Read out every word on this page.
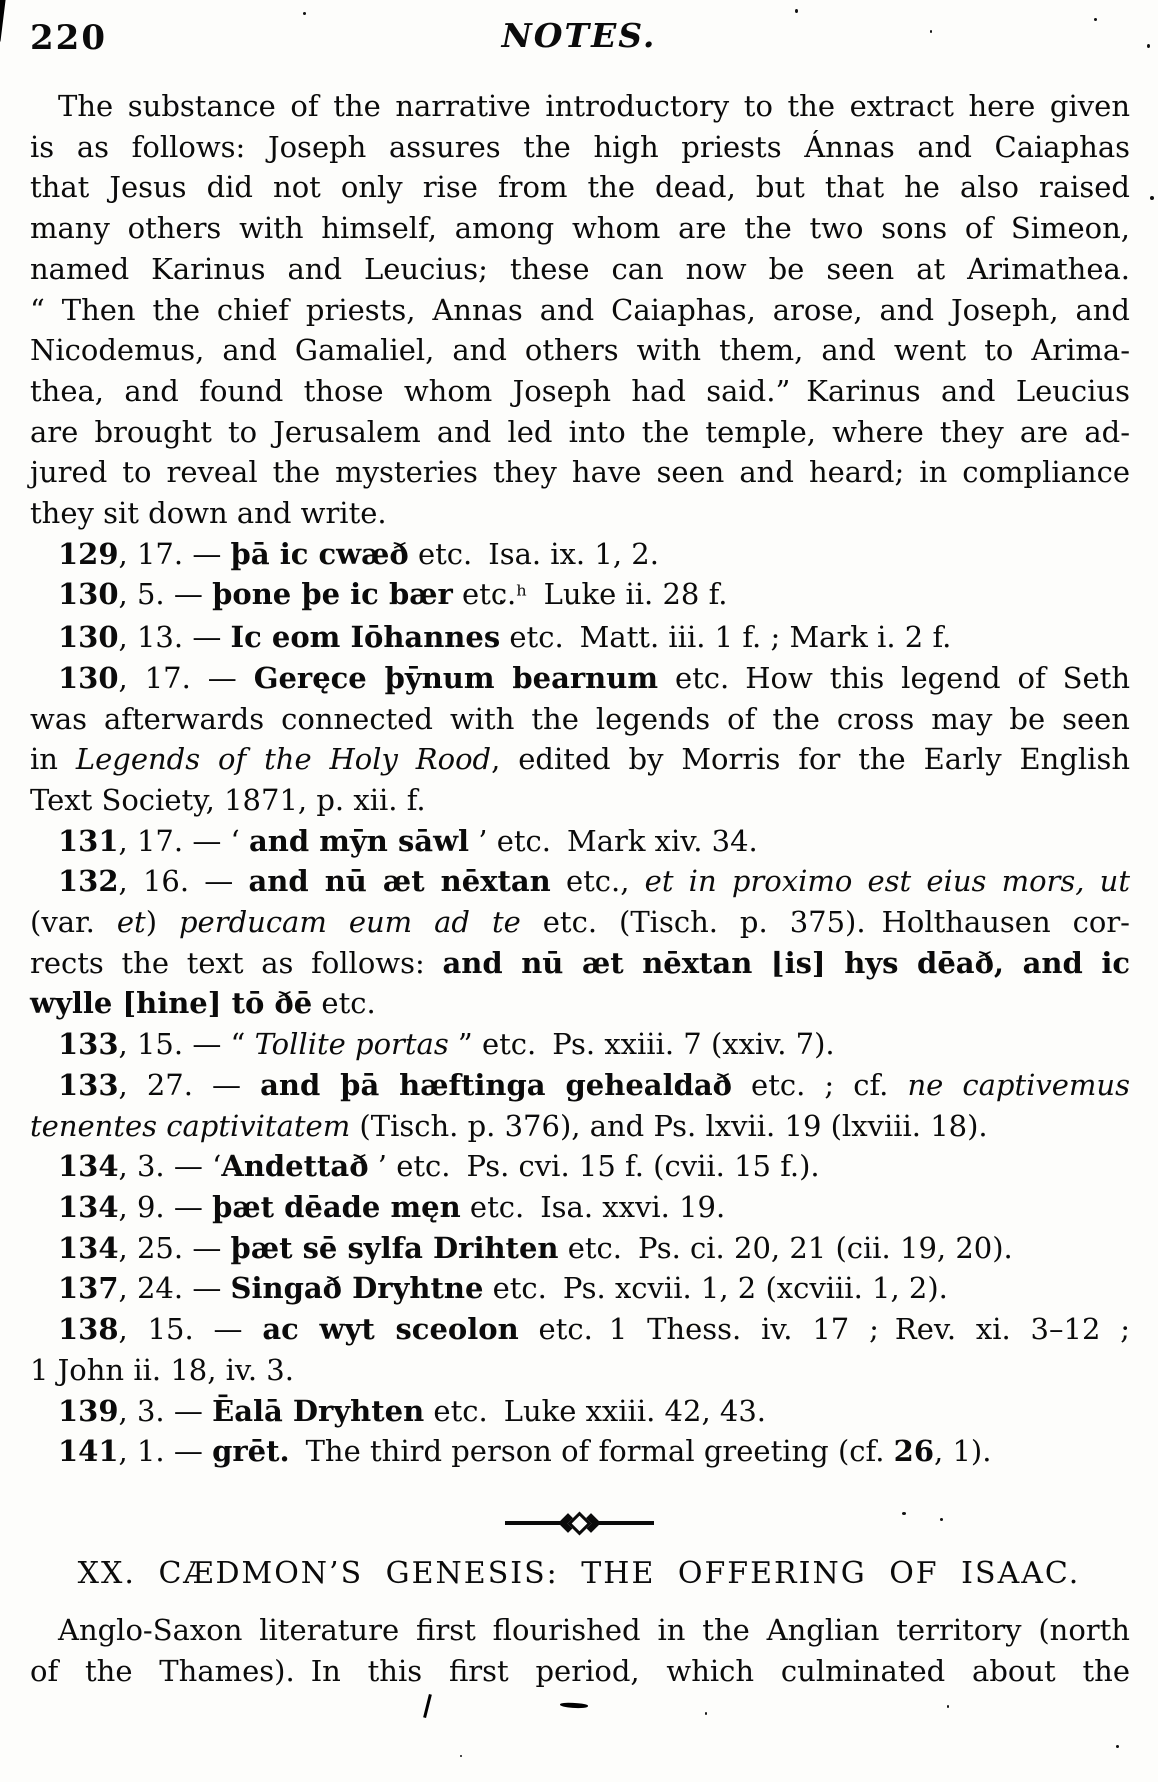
220	NOTES.
The substance of the narrative introductory to the extract here given
is as follows: Joseph assures the high priests Ánnas and Caiaphas
that Jesus did not only rise from the dead, but that he also raised
many others with himself, among whom are the two sons of Simeon,
named Karinus and Leucius; these can now be seen at Arimathea.
“ Then the chief priests, Annas and Caiaphas, arose, and Joseph, and
Nicodemus, and Gamaliel, and others with them, and went to Arima-
thea, and found those whom Joseph had said.” Karinus and Leucius
are brought to Jerusalem and led into the temple, where they are ad-
jured to reveal the mysteries they have seen and heard; in compliance
they sit down and write.
129, 17. — þā ic cwæð etc. Isa. ix. 1, 2.
130, 5. — þone þe ic bær etc.ʰ Luke ii. 28 f.
130, 13. — Ic eom Iōhannes etc. Matt. iii. 1 f. ; Mark i. 2 f.
130, 17. — Geręce þȳnum bearnum etc. How this legend of Seth
was afterwards connected with the legends of the cross may be seen
in Legends of the Holy Rood, edited by Morris for the Early English
Text Society, 1871, p. xii. f.
131, 17. — ‘ and mȳn sāwl ’ etc. Mark xiv. 34.
132, 16. — and nū æt nēxtan etc., et in proximo est eius mors, ut
(var. et) perducam eum ad te etc. (Tisch. p. 375). Holthausen cor-
rects the text as follows: and nū æt nēxtan ⌊is] hys dēað, and ic
wylle [hine] tō ðē etc.
133, 15. — “ Tollite portas ” etc. Ps. xxiii. 7 (xxiv. 7).
133, 27. — and þā hæftinga gehealdað etc. ; cf. ne captivemus
tenentes captivitatem (Tisch. p. 376), and Ps. lxvii. 19 (lxviii. 18).
134, 3. — ‘Andettað ’ etc. Ps. cvi. 15 f. (cvii. 15 f.).
134, 9. — þæt dēade męn etc. Isa. xxvi. 19.
134, 25. — þæt sē sylfa Drihten etc. Ps. ci. 20, 21 (cii. 19, 20).
137, 24. — Singað Dryhtne etc. Ps. xcvii. 1, 2 (xcviii. 1, 2).
138, 15. — ac wyt sceolon etc. 1 Thess. iv. 17 ; Rev. xi. 3–12 ;
1 John ii. 18, iv. 3.
139, 3. — Ēalā Dryhten etc. Luke xxiii. 42, 43.
141, 1. — grēt. The third person of formal greeting (cf. 26, 1).
XX. CÆDMON’S GENESIS: THE OFFERING OF ISAAC.
Anglo-Saxon literature first flourished in the Anglian territory (north
of the Thames). In this first period, which culminated about the
